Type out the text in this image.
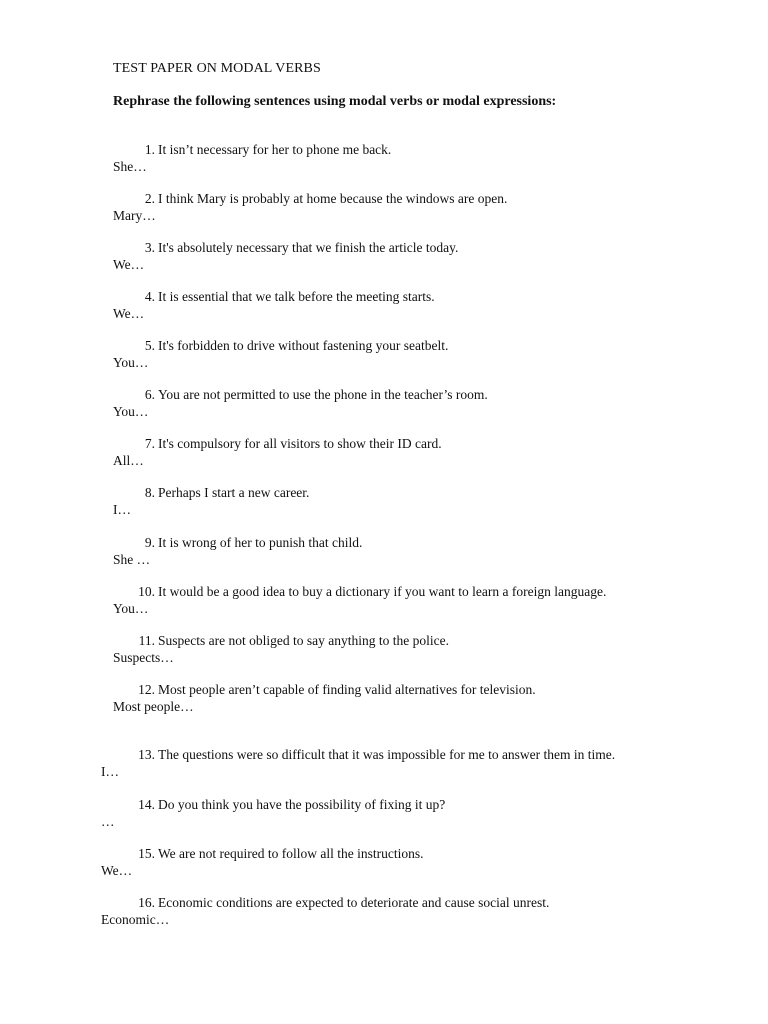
TEST PAPER ON MODAL VERBS

Rephrase the following sentences using modal verbs or modal expressions:

1. It isn’t necessary for her to phone me back.
She…
2. I think Mary is probably at home because the windows are open.
Mary…
3. It's absolutely necessary that we finish the article today.
We…
4. It is essential that we talk before the meeting starts.
We…
5. It's forbidden to drive without fastening your seatbelt.
You…
6. You are not permitted to use the phone in the teacher’s room.
You…
7. It's compulsory for all visitors to show their ID card.
All…
8. Perhaps I start a new career.
I…
9. It is wrong of her to punish that child.
She …
10. It would be a good idea to buy a dictionary if you want to learn a foreign language.
You…
11. Suspects are not obliged to say anything to the police.
Suspects…
12. Most people aren’t capable of finding valid alternatives for television.
Most people…
13. The questions were so difficult that it was impossible for me to answer them in time.
I…
14. Do you think you have the possibility of fixing it up?
…
15. We are not required to follow all the instructions.
We…
16. Economic conditions are expected to deteriorate and cause social unrest.
Economic…
